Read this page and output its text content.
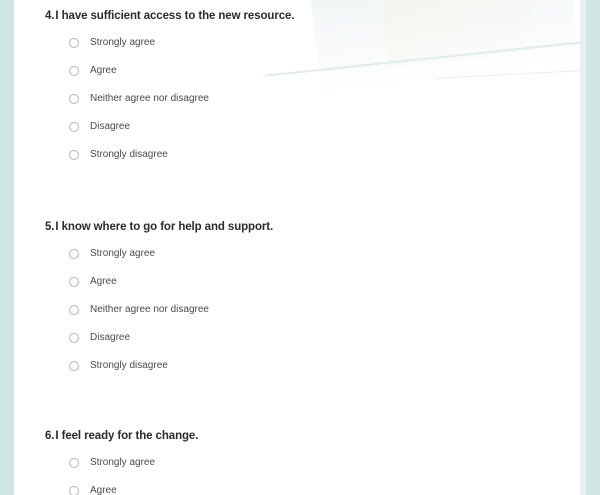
4. I have sufficient access to the new resource.
Strongly agree
Agree
Neither agree nor disagree
Disagree
Strongly disagree
5. I know where to go for help and support.
Strongly agree
Agree
Neither agree nor disagree
Disagree
Strongly disagree
6. I feel ready for the change.
Strongly agree
Agree
